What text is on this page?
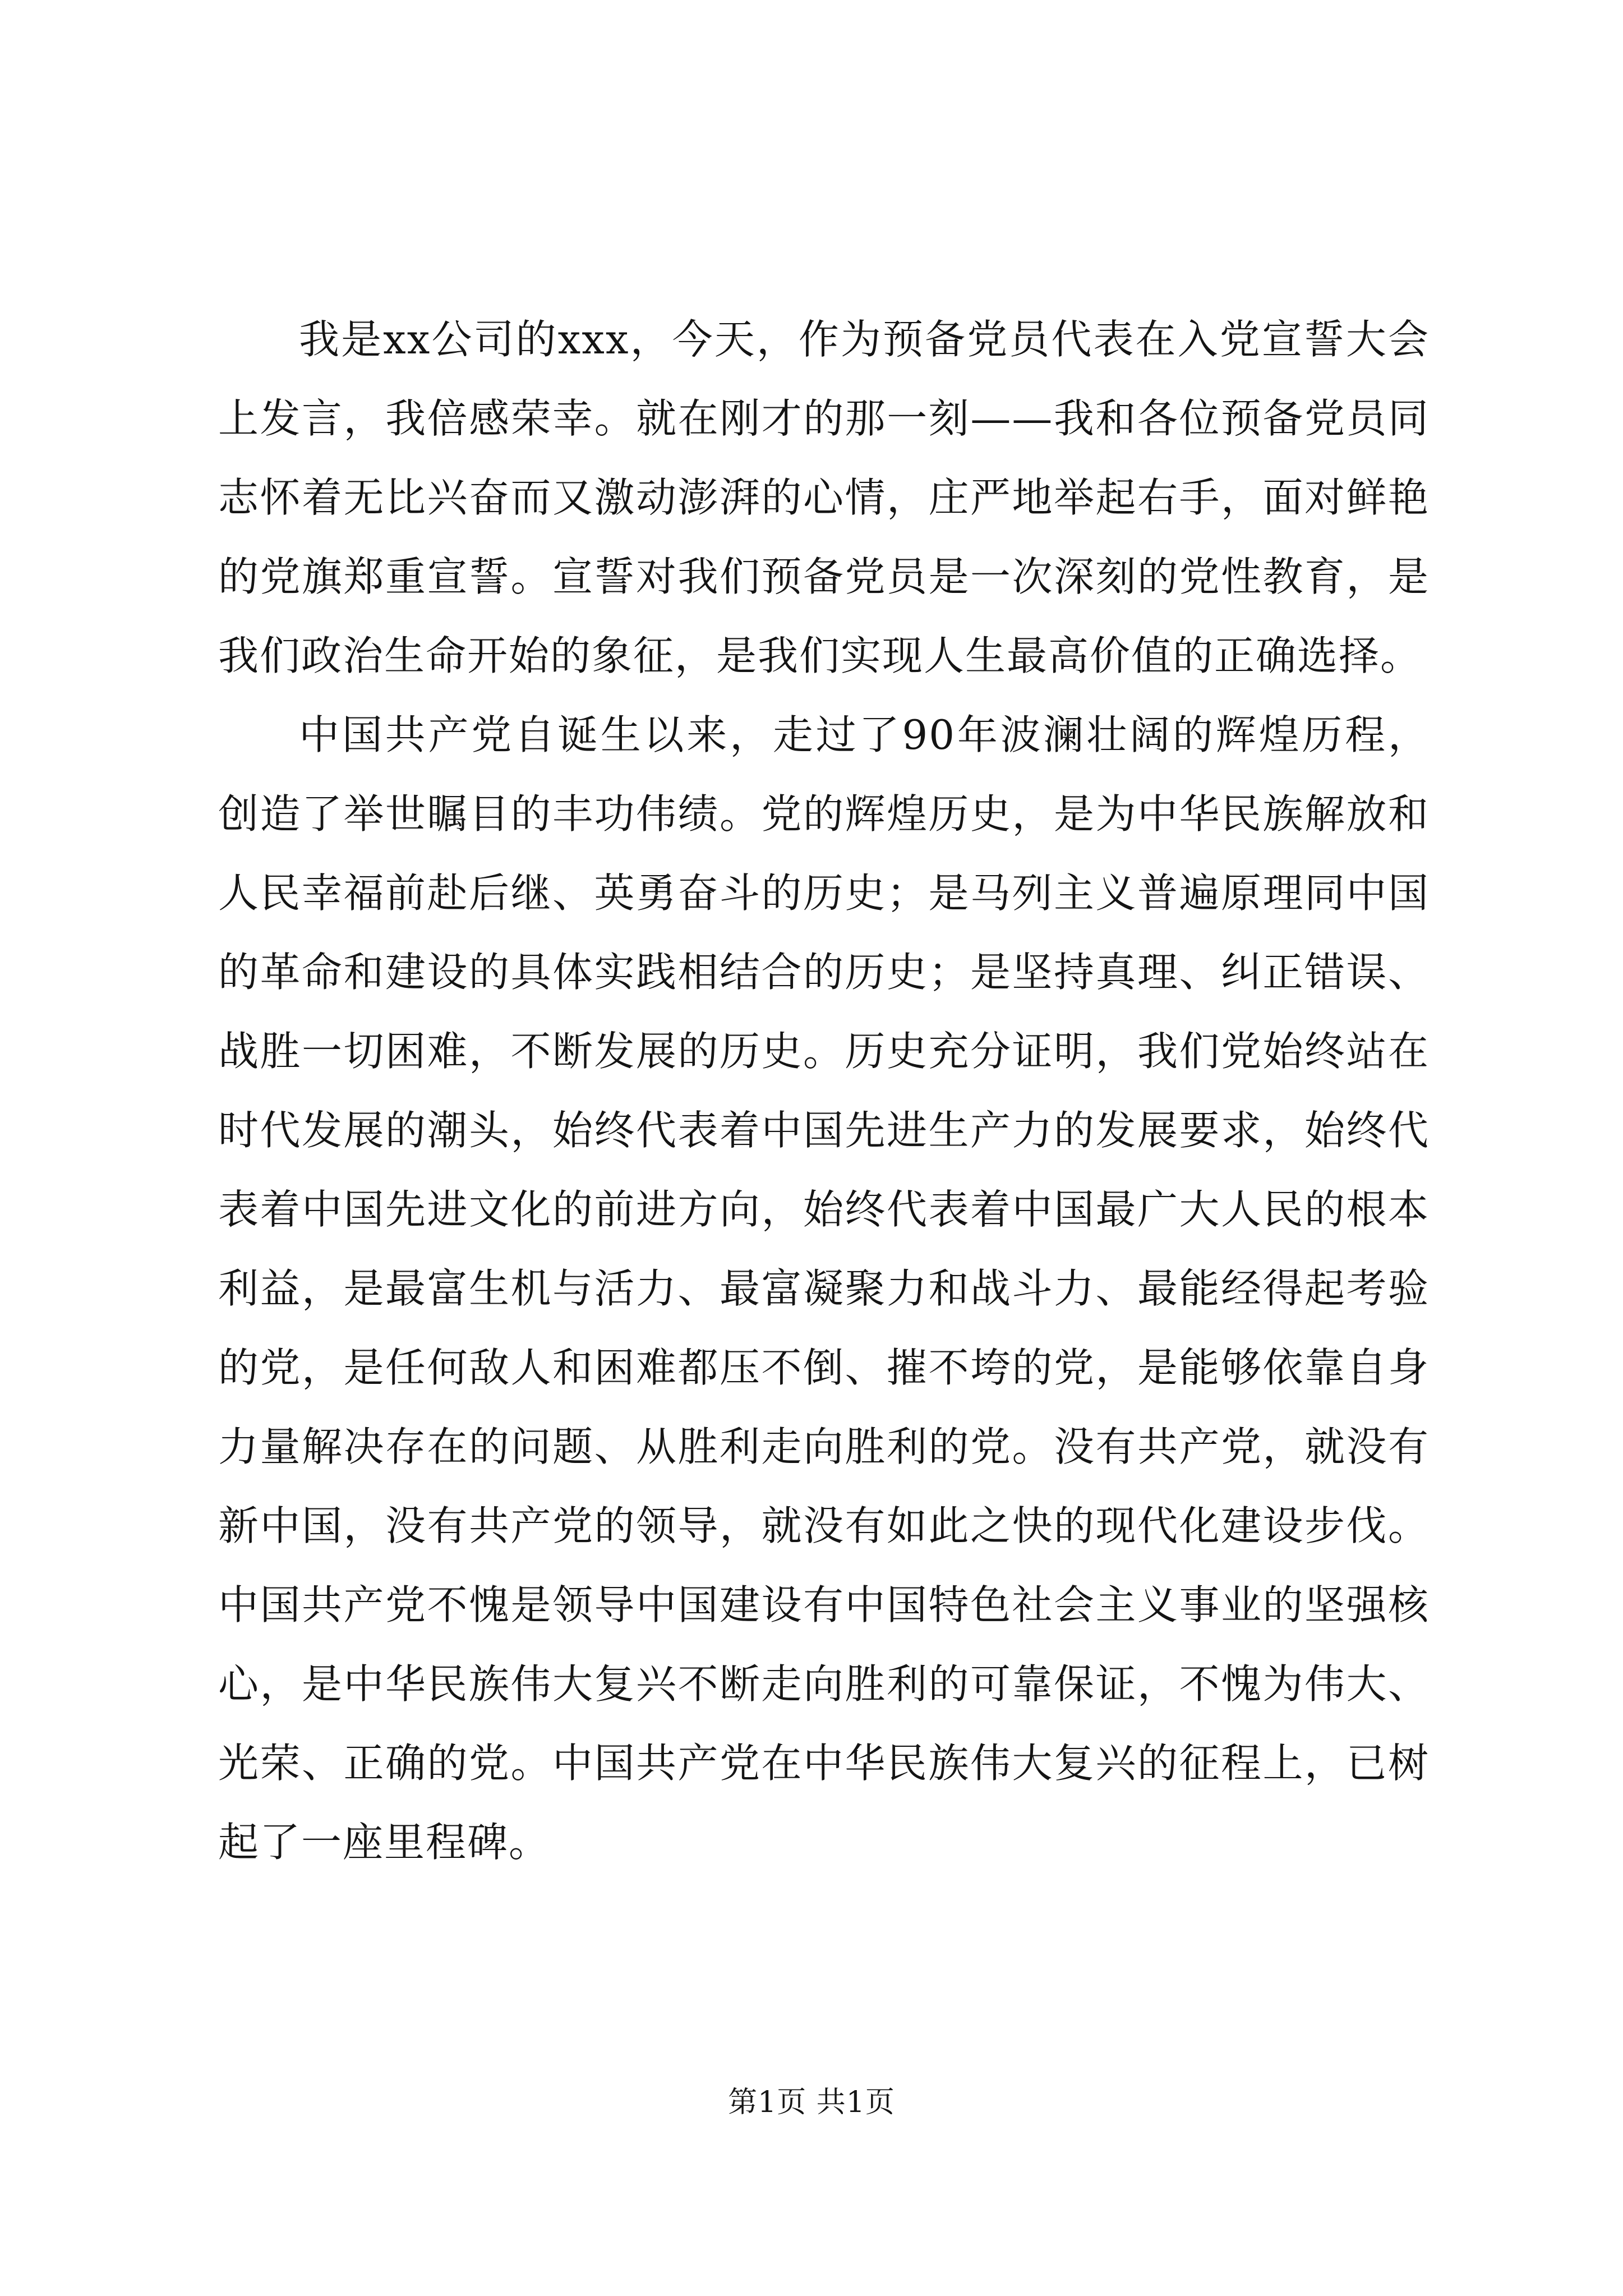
我是xx公司的xxx，今天，作为预备党员代表在入党宣誓大会上发言，我倍感荣幸。就在刚才的那一刻——我和各位预备党员同志怀着无比兴奋而又激动澎湃的心情，庄严地举起右手，面对鲜艳的党旗郑重宣誓。宣誓对我们预备党员是一次深刻的党性教育，是我们政治生命开始的象征，是我们实现人生最高价值的正确选择。

中国共产党自诞生以来，走过了90年波澜壮阔的辉煌历程，创造了举世瞩目的丰功伟绩。党的辉煌历史，是为中华民族解放和人民幸福前赴后继、英勇奋斗的历史；是马列主义普遍原理同中国的革命和建设的具体实践相结合的历史；是坚持真理、纠正错误、战胜一切困难，不断发展的历史。历史充分证明，我们党始终站在时代发展的潮头，始终代表着中国先进生产力的发展要求，始终代表着中国先进文化的前进方向，始终代表着中国最广大人民的根本利益，是最富生机与活力、最富凝聚力和战斗力、最能经得起考验的党，是任何敌人和困难都压不倒、摧不垮的党，是能够依靠自身力量解决存在的问题、从胜利走向胜利的党。没有共产党，就没有新中国，没有共产党的领导，就没有如此之快的现代化建设步伐。中国共产党不愧是领导中国建设有中国特色社会主义事业的坚强核心，是中华民族伟大复兴不断走向胜利的可靠保证，不愧为伟大、光荣、正确的党。中国共产党在中华民族伟大复兴的征程上，已树起了一座里程碑。

第1页 共1页
